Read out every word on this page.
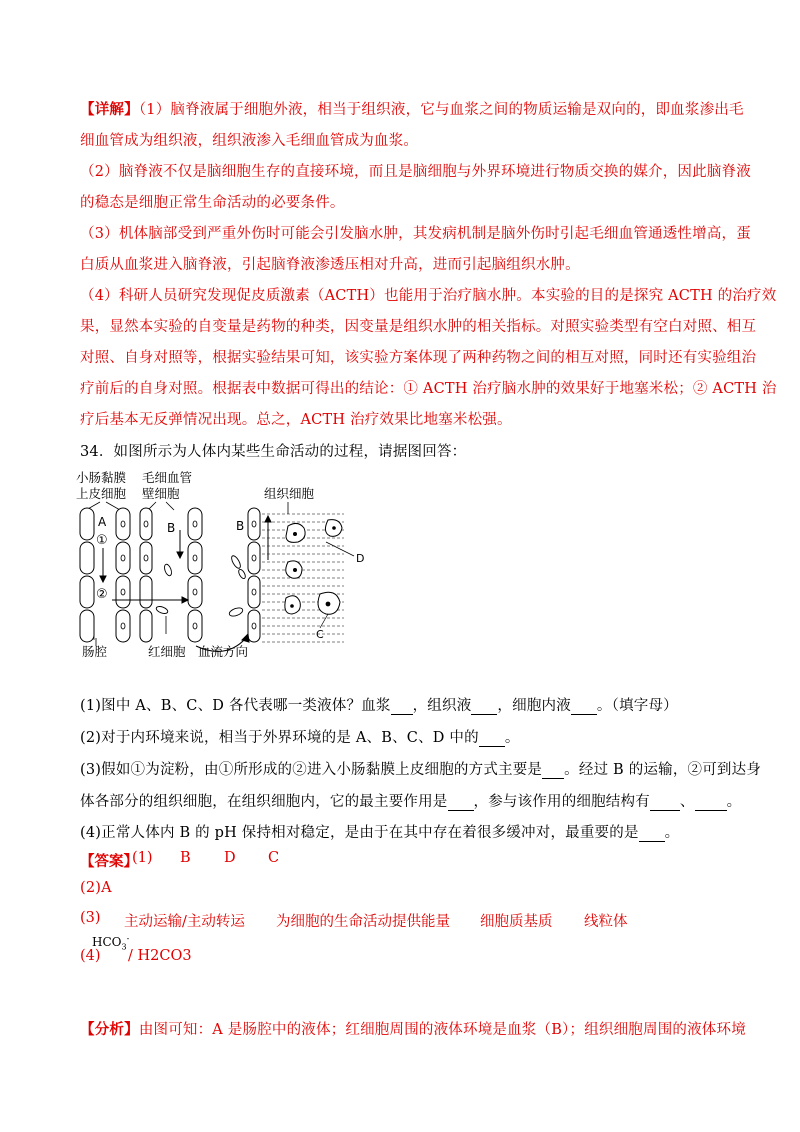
【详解】（1）脑脊液属于细胞外液，相当于组织液，它与血浆之间的物质运输是双向的，即血浆渗出毛
细血管成为组织液，组织液渗入毛细血管成为血浆。
（2）脑脊液不仅是脑细胞生存的直接环境，而且是脑细胞与外界环境进行物质交换的媒介，因此脑脊液
的稳态是细胞正常生命活动的必要条件。
（3）机体脑部受到严重外伤时可能会引发脑水肿，其发病机制是脑外伤时引起毛细血管通透性增高，蛋
白质从血浆进入脑脊液，引起脑脊液渗透压相对升高，进而引起脑组织水肿。
（4）科研人员研究发现促皮质激素（ACTH）也能用于治疗脑水肿。本实验的目的是探究 ACTH 的治疗效
果，显然本实验的自变量是药物的种类，因变量是组织水肿的相关指标。对照实验类型有空白对照、相互
对照、自身对照等，根据实验结果可知，该实验方案体现了两种药物之间的相互对照，同时还有实验组治
疗前后的自身对照。根据表中数据可得出的结论：① ACTH 治疗脑水肿的效果好于地塞米松；② ACTH 治
疗后基本无反弹情况出现。总之，ACTH 治疗效果比地塞米松强。
34．如图所示为人体内某些生命活动的过程，请据图回答：
小肠黏膜
上皮细胞
毛细血管
壁细胞	组织细胞
A
①
②
B	B
D
C
肠腔	红细胞 血流方向
(1)图中 A、B、C、D 各代表哪一类液体？血浆 ，组织液 ，细胞内液 。（填字母）
(2)对于内环境来说，相当于外界环境的是 A、B、C、D 中的 。
(3)假如①为淀粉，由①所形成的②进入小肠黏膜上皮细胞的方式主要是 。经过 B 的运输，②可到达身
体各部分的组织细胞，在组织细胞内，它的最主要作用是 ，参与该作用的细胞结构有 、 。
(4)正常人体内 B 的 pH 保持相对稳定，是由于在其中存在着很多缓冲对，最重要的是 。
【答案】
(1) B D C
(2)A
(3) 主动运输/主动转运 为细胞的生命活动提供能量 细胞质基质 线粒体
(4)
$HCO_3^-$
/ H2CO3
【分析】由图可知：A 是肠腔中的液体；红细胞周围的液体环境是血浆（B）；组织细胞周围的液体环境
